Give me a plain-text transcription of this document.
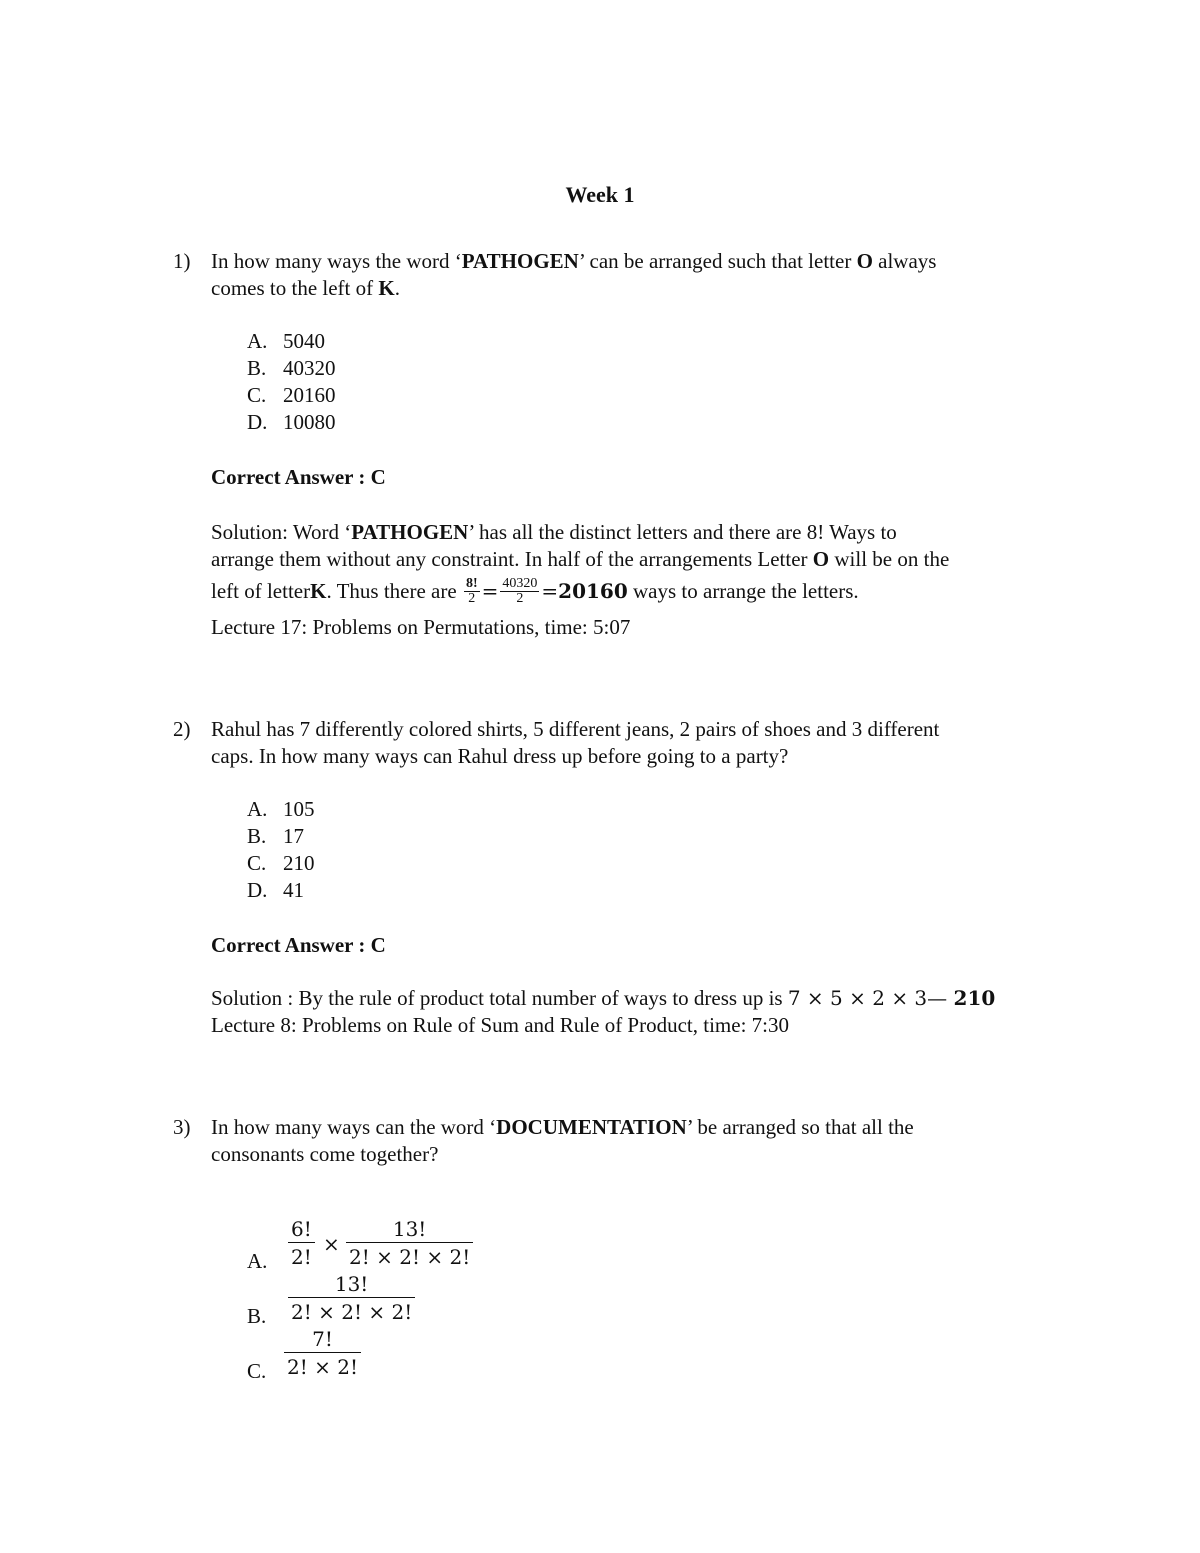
Week 1
1) In how many ways the word ‘PATHOGEN’ can be arranged such that letter O always
comes to the left of K.
A. 5040
B. 40320
C. 20160
D. 10080
Correct Answer : C
Solution: Word ‘PATHOGEN’ has all the distinct letters and there are 8! Ways to
arrange them without any constraint. In half of the arrangements Letter O will be on the
left of letter K . Thus there are $\frac{8!}{2} = \frac{40320}{2} = 20160$ ways to arrange the letters.
Lecture 17: Problems on Permutations, time: 5:07
2) Rahul has 7 differently colored shirts, 5 different jeans, 2 pairs of shoes and 3 different
caps. In how many ways can Rahul dress up before going to a party?
A. 105
B. 17
C. 210
D. 41
Correct Answer : C
Solution : By the rule of product total number of ways to dress up is 7 × 5 × 2 × 3— 210
Lecture 8: Problems on Rule of Sum and Rule of Product, time: 7:30
3) In how many ways can the word ‘DOCUMENTATION’ be arranged so that all the
consonants come together?
A. $\frac{6!}{2!} \times \frac{13!}{2! \times 2! \times 2!}$
B. $\frac{13!}{2! \times 2! \times 2!}$
C. $\frac{7!}{2! \times 2!}$
